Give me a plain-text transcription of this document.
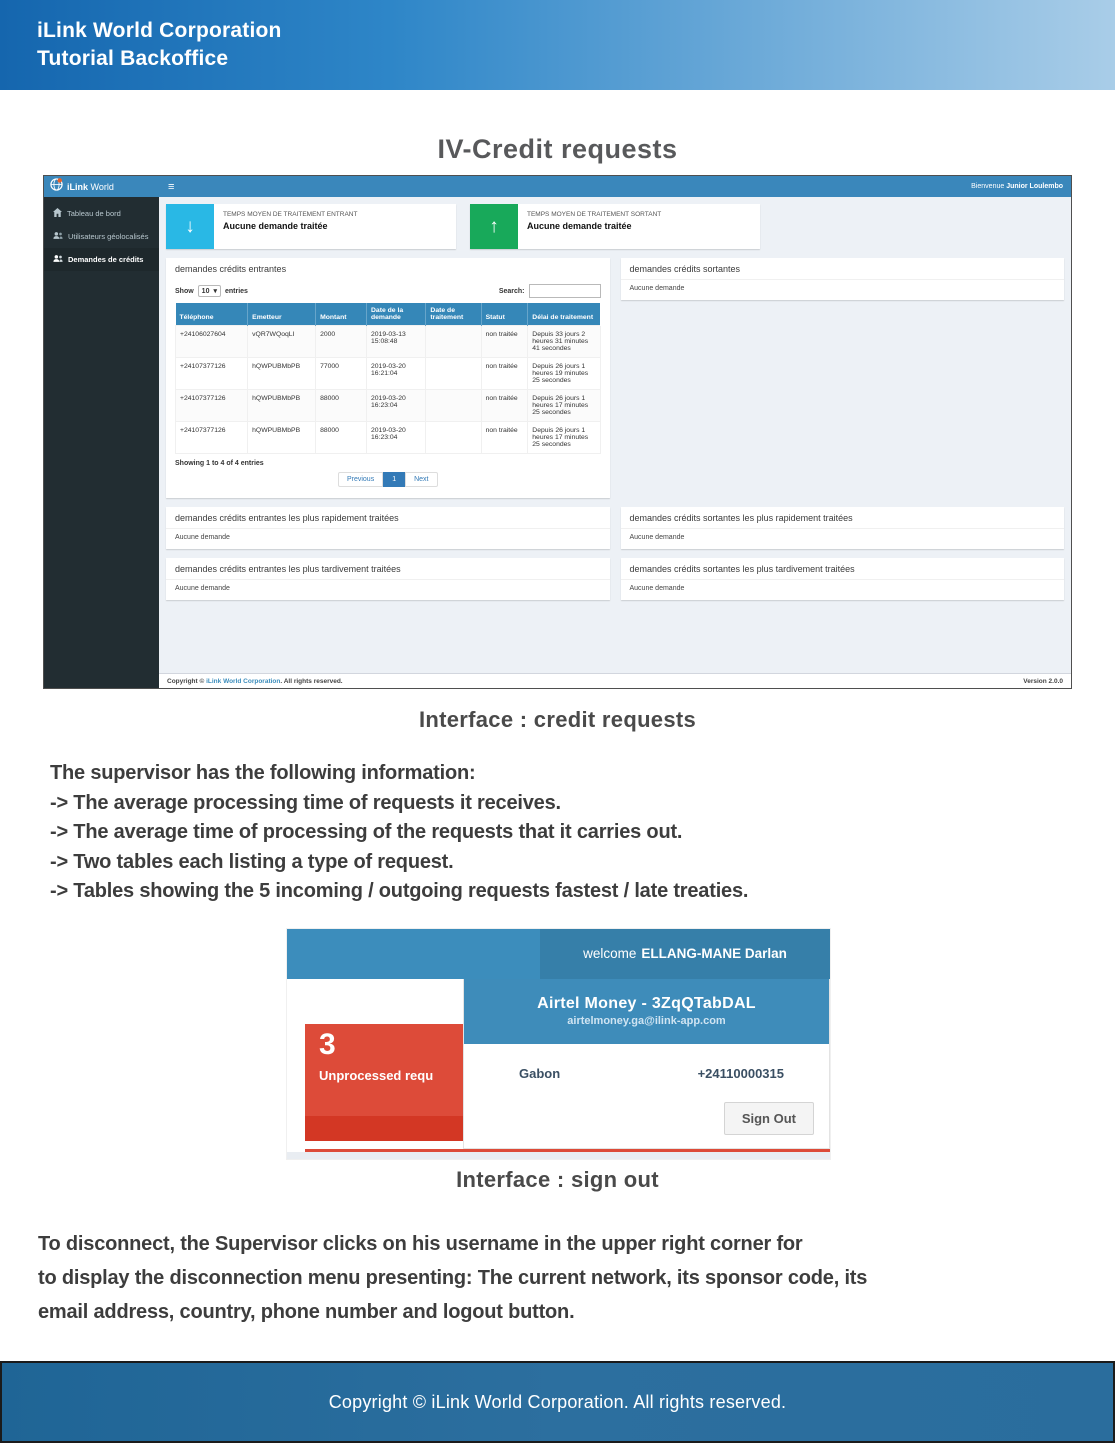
iLink World Corporation
Tutorial Backoffice
IV-Credit requests
iLink World	≡	Bienvenue Junior Loulembo
Tableau de bord
Utilisateurs géolocalisés
Demandes de crédits
↓
TEMPS MOYEN DE TRAITEMENT ENTRANT
Aucune demande traitée	↑
TEMPS MOYEN DE TRAITEMENT SORTANT
Aucune demande traitée
demandes crédits entrantes
Show 10 ▾ entries	Search:
Téléphone	Emetteur	Montant	Date de la demande	Date de traitement	Statut	Délai de traitement
+24106027604	vQR7WQoqLI	2000	2019-03-13 15:08:48		non traitée	Depuis 33 jours 2 heures 31 minutes 41 secondes
+24107377126	hQWPUBMbPB	77000	2019-03-20 16:21:04		non traitée	Depuis 26 jours 1 heures 19 minutes 25 secondes
+24107377126	hQWPUBMbPB	88000	2019-03-20 16:23:04		non traitée	Depuis 26 jours 1 heures 17 minutes 25 secondes
+24107377126	hQWPUBMbPB	88000	2019-03-20 16:23:04		non traitée	Depuis 26 jours 1 heures 17 minutes 25 secondes
Showing 1 to 4 of 4 entries
Previous	1	Next
demandes crédits sortantes
Aucune demande
demandes crédits entrantes les plus rapidement traitées
Aucune demande
demandes crédits sortantes les plus rapidement traitées
Aucune demande
demandes crédits entrantes les plus tardivement traitées
Aucune demande
demandes crédits sortantes les plus tardivement traitées
Aucune demande
Copyright © iLink World Corporation. All rights reserved.	Version 2.0.0
Interface : credit requests
The supervisor has the following information:
-> The average processing time of requests it receives.
-> The average time of processing of the requests that it carries out.
-> Two tables each listing a type of request.
-> Tables showing the 5 incoming / outgoing requests fastest / late treaties.
welcome ELLANG-MANE Darlan
3
Unprocessed requ
Airtel Money - 3ZqQTabDAL
airtelmoney.ga@ilink-app.com
Gabon	+24110000315
Sign Out
Interface : sign out
To disconnect, the Supervisor clicks on his username in the upper right corner for
to display the disconnection menu presenting: The current network, its sponsor code, its
email address, country, phone number and logout button.
Copyright © iLink World Corporation. All rights reserved.
